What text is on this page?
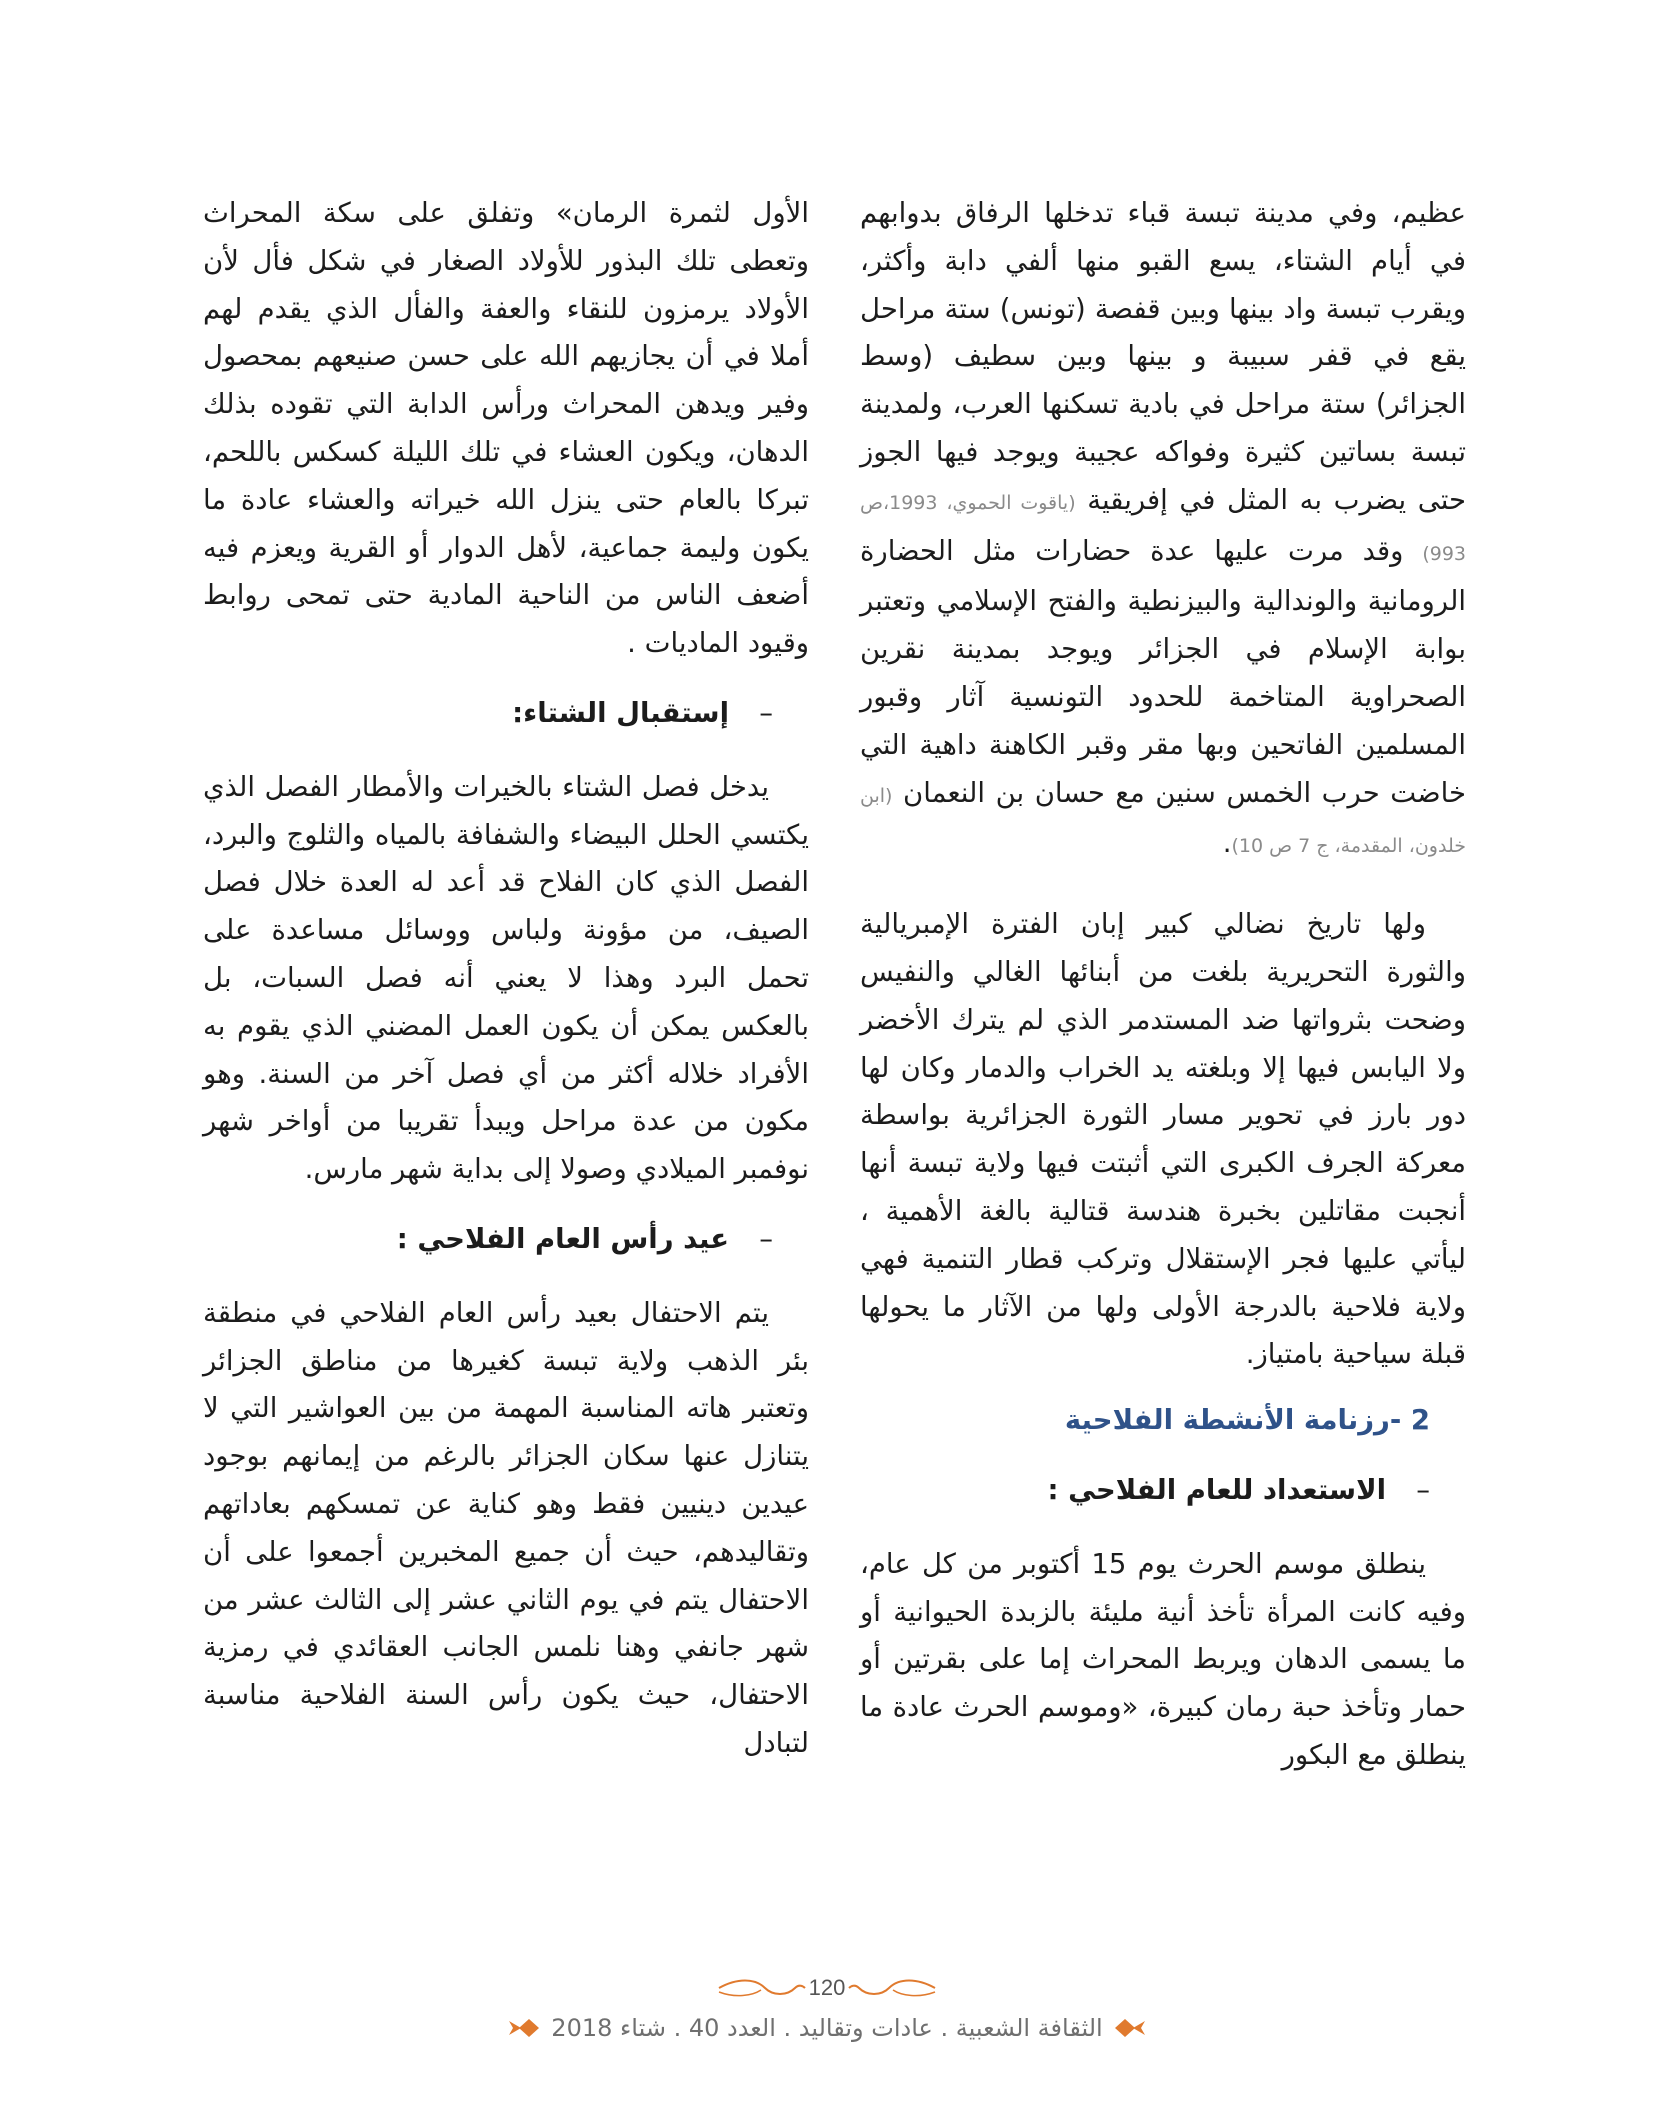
عظيم، وفي مدينة تبسة قباء تدخلها الرفاق بدوابهم في أيام الشتاء، يسع القبو منها ألفي دابة وأكثر، ويقرب تبسة واد بينها وبين قفصة (تونس) ستة مراحل يقع في قفر سبيبة و بينها وبين سطيف (وسط الجزائر) ستة مراحل في بادية تسكنها العرب، ولمدينة تبسة بساتين كثيرة وفواكه عجيبة ويوجد فيها الجوز حتى يضرب به المثل في إفريقية (ياقوت الحموي، 1993،ص 993) وقد مرت عليها عدة حضارات مثل الحضارة الرومانية والوندالية والبيزنطية والفتح الإسلامي وتعتبر بوابة الإسلام في الجزائر ويوجد بمدينة نقرين الصحراوية المتاخمة للحدود التونسية آثار وقبور المسلمين الفاتحين وبها مقر وقبر الكاهنة داهية التي خاضت حرب الخمس سنين مع حسان بن النعمان (ابن خلدون، المقدمة، ج 7 ص 10).

ولها تاريخ نضالي كبير إبان الفترة الإمبريالية والثورة التحريرية بلغت من أبنائها الغالي والنفيس وضحت بثرواتها ضد المستدمر الذي لم يترك الأخضر ولا اليابس فيها إلا وبلغته يد الخراب والدمار وكان لها دور بارز في تحوير مسار الثورة الجزائرية بواسطة معركة الجرف الكبرى التي أثبتت فيها ولاية تبسة أنها أنجبت مقاتلين بخبرة هندسة قتالية بالغة الأهمية ، ليأتي عليها فجر الإستقلال وتركب قطار التنمية فهي ولاية فلاحية بالدرجة الأولى ولها من الآثار ما يحولها قبلة سياحية بامتياز.

2 -رزنامة الأنشطة الفلاحية

–الاستعداد للعام الفلاحي :

ينطلق موسم الحرث يوم 15 أكتوبر من كل عام، وفيه كانت المرأة تأخذ أنية مليئة بالزبدة الحيوانية أو ما يسمى الدهان ويربط المحراث إما على بقرتين أو حمار وتأخذ حبة رمان كبيرة، «وموسم الحرث عادة ما ينطلق مع البكور

الأول لثمرة الرمان» وتفلق على سكة المحراث وتعطى تلك البذور للأولاد الصغار في شكل فأل لأن الأولاد يرمزون للنقاء والعفة والفأل الذي يقدم لهم أملا في أن يجازيهم الله على حسن صنيعهم بمحصول وفير ويدهن المحراث ورأس الدابة التي تقوده بذلك الدهان، ويكون العشاء في تلك الليلة كسكس باللحم، تبركا بالعام حتى ينزل الله خيراته والعشاء عادة ما يكون وليمة جماعية، لأهل الدوار أو القرية ويعزم فيه أضعف الناس من الناحية المادية حتى تمحى روابط وقيود الماديات .

–إستقبال الشتاء:

يدخل فصل الشتاء بالخيرات والأمطار الفصل الذي يكتسي الحلل البيضاء والشفافة بالمياه والثلوج والبرد، الفصل الذي كان الفلاح قد أعد له العدة خلال فصل الصيف، من مؤونة ولباس ووسائل مساعدة على تحمل البرد وهذا لا يعني أنه فصل السبات، بل بالعكس يمكن أن يكون العمل المضني الذي يقوم به الأفراد خلاله أكثر من أي فصل آخر من السنة. وهو مكون من عدة مراحل ويبدأ تقريبا من أواخر شهر نوفمبر الميلادي وصولا إلى بداية شهر مارس.

–عيد رأس العام الفلاحي :

يتم الاحتفال بعيد رأس العام الفلاحي في منطقة بئر الذهب ولاية تبسة كغيرها من مناطق الجزائر وتعتبر هاته المناسبة المهمة من بين العواشير التي لا يتنازل عنها سكان الجزائر بالرغم من إيمانهم بوجود عيدين دينيين فقط وهو كناية عن تمسكهم بعاداتهم وتقاليدهم، حيث أن جميع المخبرين أجمعوا على أن الاحتفال يتم في يوم الثاني عشر إلى الثالث عشر من شهر جانفي وهنا نلمس الجانب العقائدي في رمزية الاحتفال، حيث يكون رأس السنة الفلاحية مناسبة لتبادل

120

الثقافة الشعبية . عادات وتقاليد . العدد 40 . شتاء 2018
